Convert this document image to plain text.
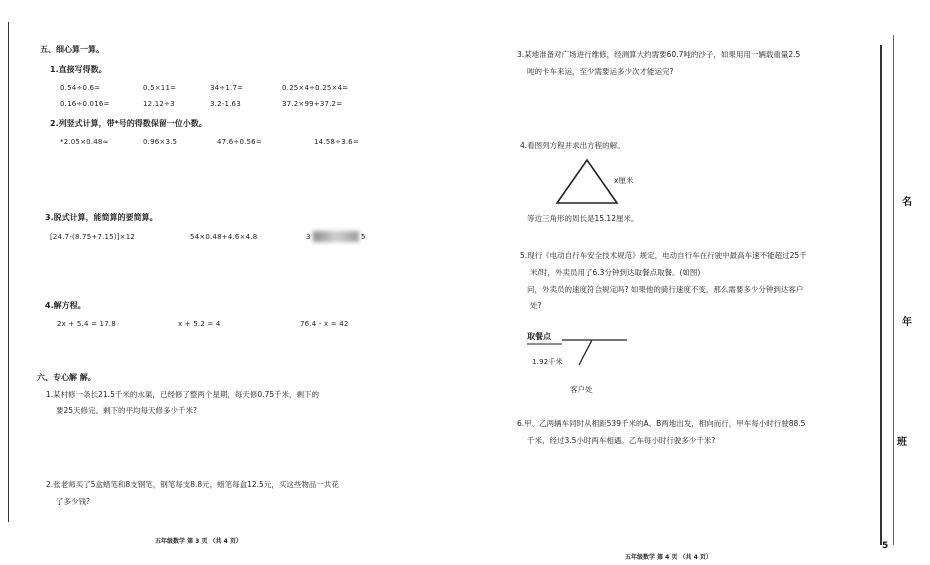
五、细心算一算。
1.直接写得数。
0.54÷0.6=	0.5×11=	34÷1.7=	0.25×4÷0.25×4=
0.16÷0.016=	12.12÷3	3.2-1.63	37.2×99+37.2=
2.列竖式计算，带*号的得数保留一位小数。
*2.05×0.48≈	0.96×3.5	47.6÷0.56=	14.58÷3.6=
3.脱式计算，能简算的要简算。
[24.7-(8.75+7.15)]×12	54×0.48+4.6×4.8	3	5
4.解方程。
2x + 5.4 = 17.8	x + 5.2 = 4	76.4 - x = 42
六、专心解 解。
1.某村修一条长21.5千米的水渠，已经修了整两个星期，每天修0.75千米，剩下的
要25天修完。剩下的平均每天修多少千米?
2.张老师买了5盒蜡笔和8支钢笔，钢笔每支8.8元，蜡笔每盒12.5元，买这些物品一共花
了多少钱?
五年级数学 第 3 页 （共 4 页）
3.某地准备对广场进行维修，经测算大约需要60.7吨的沙子，如果用用一辆载重量2.5
吨的卡车来运，至少需要运多少次才能运完?
4.看图列方程并求出方程的解。
x厘米
等边三角形的周长是15.12厘米。
5.现行《电动自行车安全技术规范》规定，电动自行车在行驶中最高车速不能超过25千
米/时，外卖员用了6.3分钟到达取餐点取餐。(如图)
问，外卖员的速度符合规定吗? 如果他的骑行速度不变，那么需要多少分钟到达客户
处?
取餐点
1.92千米
客户处
6.甲、乙两辆车同时从相距539千米的A、B两地出发，相向而行，甲车每小时行驶88.5
千米，经过3.5小时两车相遇。乙车每小时行驶多少千米?
五年级数学 第 4 页 （共 4 页）
名
年
班
5
